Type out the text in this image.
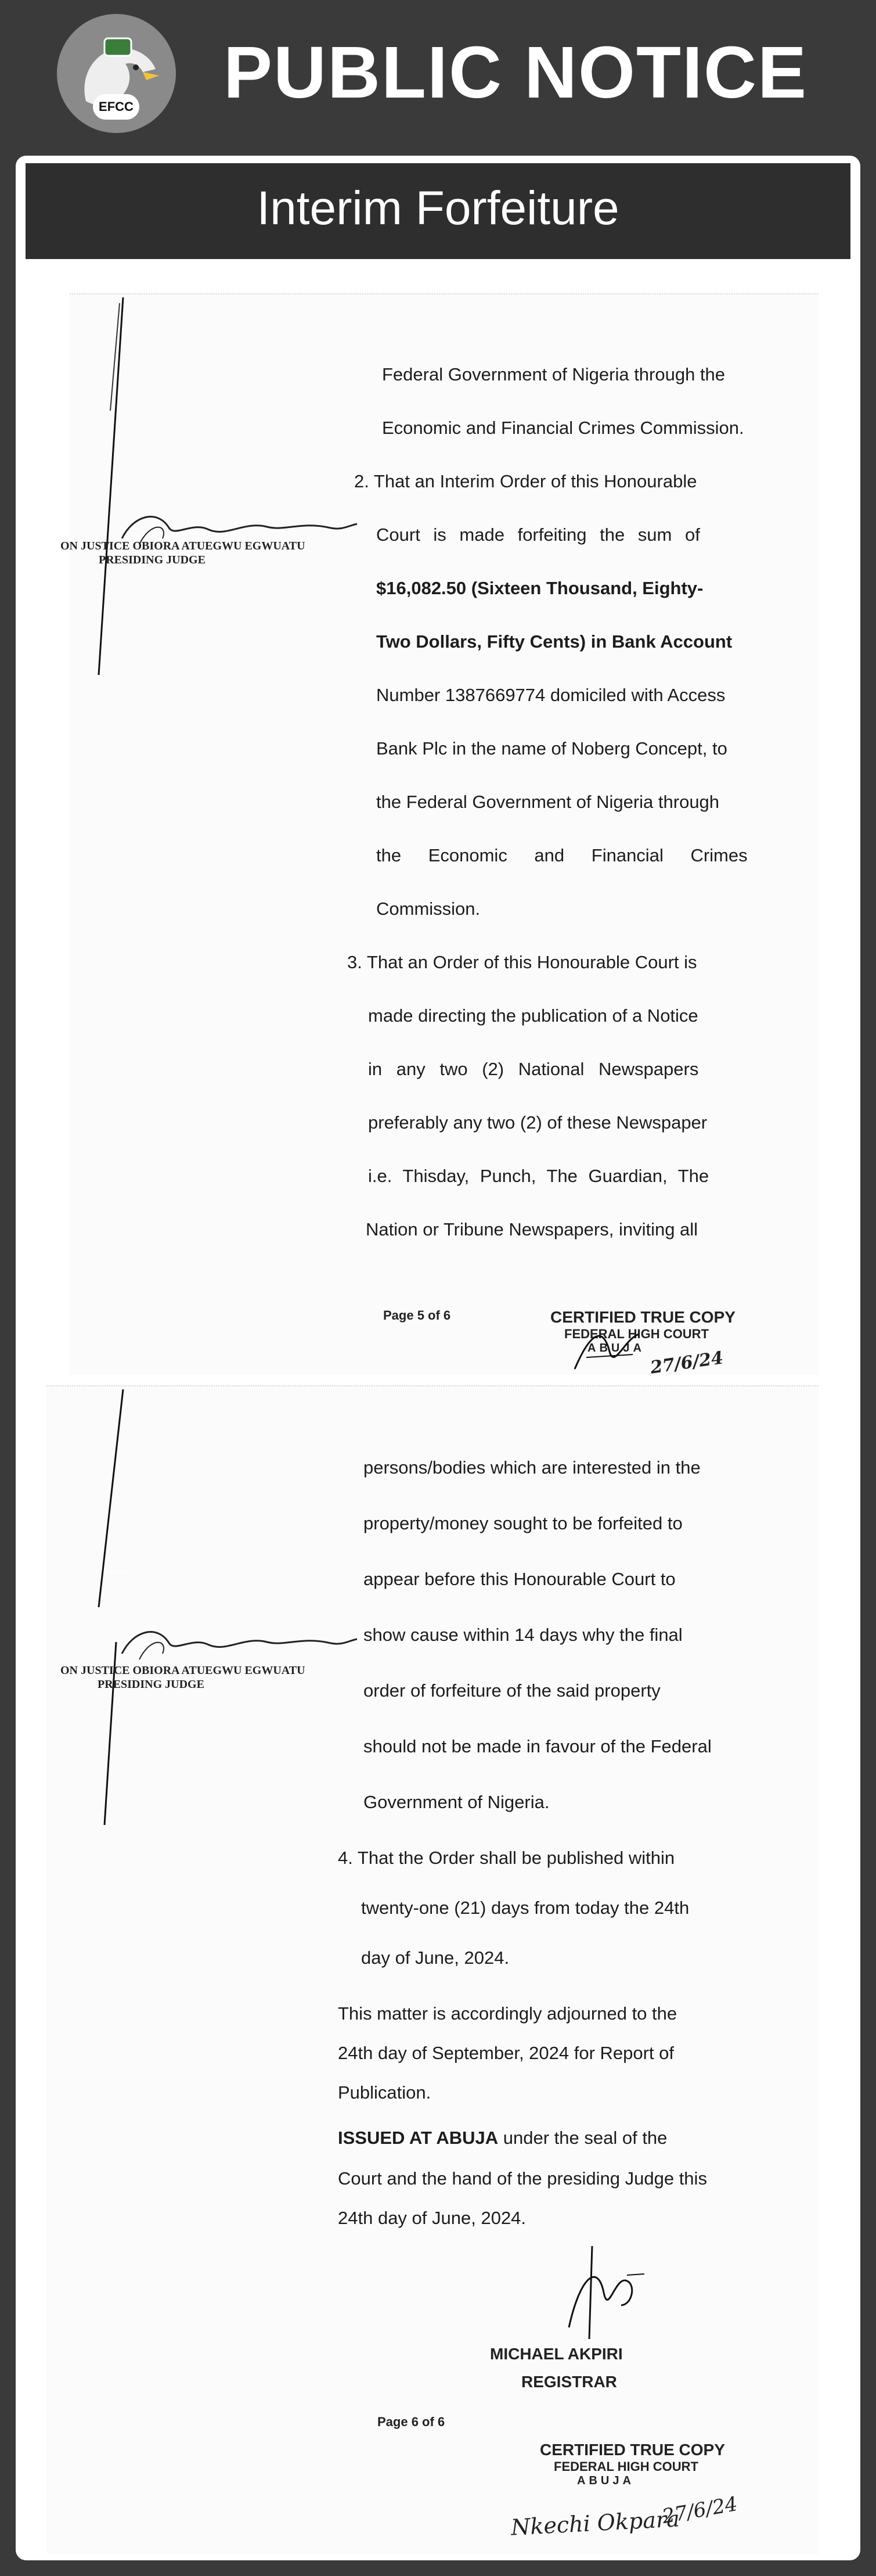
EFCC PUBLIC NOTICE
Interim Forfeiture
ON JUSTICE OBIORA ATUEGWU EGWUATU
PRESIDING JUDGE
Federal Government of Nigeria through the
Economic and Financial Crimes Commission.
2. That an Interim Order of this Honourable
Court is made forfeiting the sum of
$16,082.50 (Sixteen Thousand, Eighty-
Two Dollars, Fifty Cents) in Bank Account
Number 1387669774 domiciled with Access
Bank Plc in the name of Noberg Concept, to
the Federal Government of Nigeria through
the Economic and Financial Crimes
Commission.
3. That an Order of this Honourable Court is
made directing the publication of a Notice
in any two (2) National Newspapers
preferably any two (2) of these Newspaper
i.e. Thisday, Punch, The Guardian, The
Nation or Tribune Newspapers, inviting all
Page 5 of 6	CERTIFIED TRUE COPY
FEDERAL HIGH COURT
ABUJA 27/6/24
ON JUSTICE OBIORA ATUEGWU EGWUATU
PRESIDING JUDGE
persons/bodies which are interested in the
property/money sought to be forfeited to
appear before this Honourable Court to
show cause within 14 days why the final
order of forfeiture of the said property
should not be made in favour of the Federal
Government of Nigeria.
4. That the Order shall be published within
twenty-one (21) days from today the 24th
day of June, 2024.
This matter is accordingly adjourned to the
24th day of September, 2024 for Report of
Publication.
ISSUED AT ABUJA under the seal of the
Court and the hand of the presiding Judge this
24th day of June, 2024.
MICHAEL AKPIRI
REGISTRAR
Page 6 of 6
CERTIFIED TRUE COPY
FEDERAL HIGH COURT
ABUJA
Nkechi Okpara
27/6/24
